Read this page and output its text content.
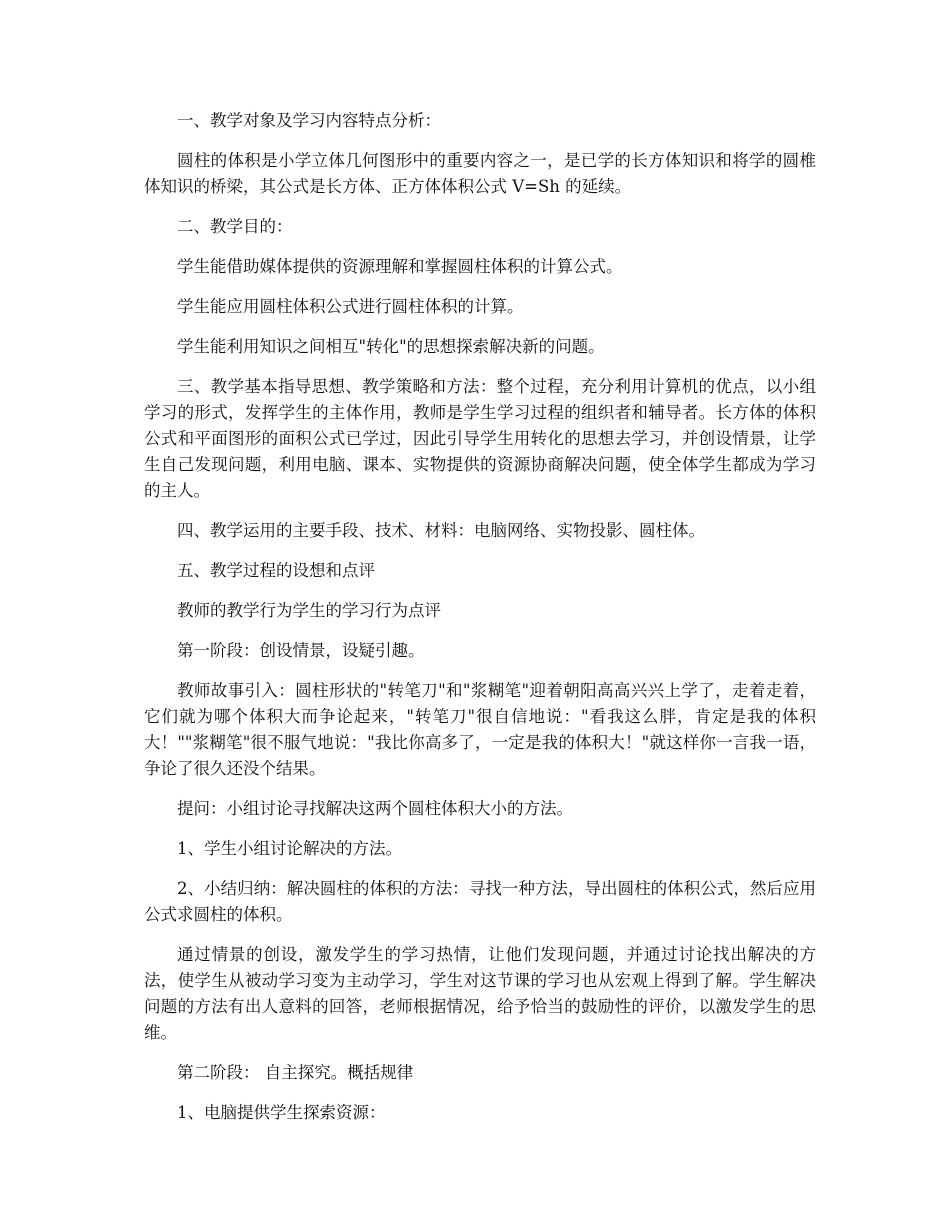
一、教学对象及学习内容特点分析：

圆柱的体积是小学立体几何图形中的重要内容之一，是已学的长方体知识和将学的圆椎体知识的桥梁，其公式是长方体、正方体体积公式 V=Sh 的延续。

二、教学目的：

学生能借助媒体提供的资源理解和掌握圆柱体积的计算公式。

学生能应用圆柱体积公式进行圆柱体积的计算。

学生能利用知识之间相互"转化"的思想探索解决新的问题。

三、教学基本指导思想、教学策略和方法：整个过程，充分利用计算机的优点，以小组学习的形式，发挥学生的主体作用，教师是学生学习过程的组织者和辅导者。长方体的体积公式和平面图形的面积公式已学过，因此引导学生用转化的思想去学习，并创设情景，让学生自己发现问题，利用电脑、课本、实物提供的资源协商解决问题，使全体学生都成为学习的主人。

四、教学运用的主要手段、技术、材料：电脑网络、实物投影、圆柱体。

五、教学过程的设想和点评

教师的教学行为学生的学习行为点评

第一阶段：创设情景，设疑引趣。

教师故事引入：圆柱形状的"转笔刀"和"浆糊笔"迎着朝阳高高兴兴上学了，走着走着，它们就为哪个体积大而争论起来，"转笔刀"很自信地说："看我这么胖，肯定是我的体积大！""浆糊笔"很不服气地说："我比你高多了，一定是我的体积大！"就这样你一言我一语，争论了很久还没个结果。

提问：小组讨论寻找解决这两个圆柱体积大小的方法。

1、学生小组讨论解决的方法。

2、小结归纳：解决圆柱的体积的方法：寻找一种方法，导出圆柱的体积公式，然后应用公式求圆柱的体积。

通过情景的创设，激发学生的学习热情，让他们发现问题，并通过讨论找出解决的方法，使学生从被动学习变为主动学习，学生对这节课的学习也从宏观上得到了解。学生解决问题的方法有出人意料的回答，老师根据情况，给予恰当的鼓励性的评价，以激发学生的思维。

第二阶段： 自主探究。概括规律

1、电脑提供学生探索资源：
